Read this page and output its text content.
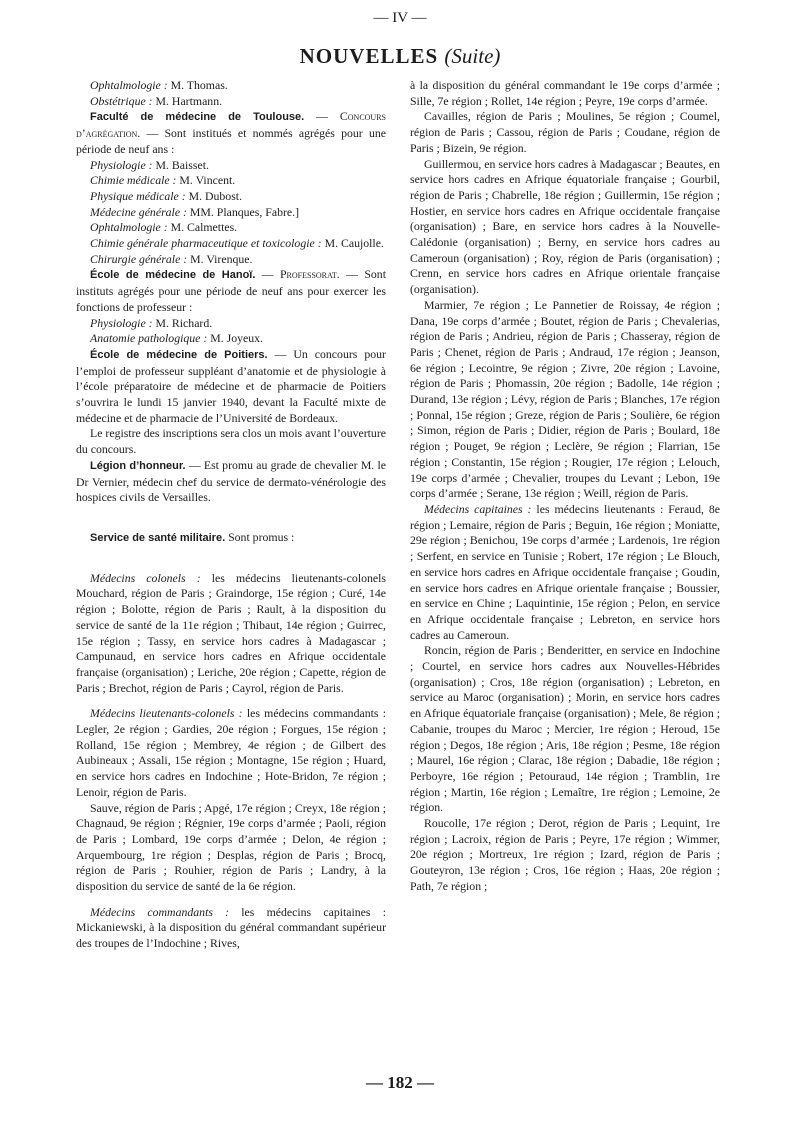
— IV —
NOUVELLES (Suite)

Ophtalmologie : M. Thomas.

Obstétrique : M. Hartmann.

Faculté de médecine de Toulouse. — Concours d’agrégation. — Sont institués et nommés agrégés pour une période de neuf ans :

Physiologie : M. Baisset.

Chimie médicale : M. Vincent.

Physique médicale : M. Dubost.

Médecine générale : MM. Planques, Fabre.]

Ophtalmologie : M. Calmettes.

Chimie générale pharmaceutique et toxicologie : M. Caujolle.

Chirurgie générale : M. Virenque.

École de médecine de Hanoï. — Professorat. — Sont instituts agrégés pour une période de neuf ans pour exercer les fonctions de professeur :

Physiologie : M. Richard.

Anatomie pathologique : M. Joyeux.

École de médecine de Poitiers. — Un concours pour l’emploi de professeur suppléant d’anatomie et de physiologie à l’école préparatoire de médecine et de pharmacie de Poitiers s’ouvrira le lundi 15 janvier 1940, devant la Faculté mixte de médecine et de pharmacie de l’Université de Bordeaux.

Le registre des inscriptions sera clos un mois avant l’ouverture du concours.

Légion d’honneur. — Est promu au grade de chevalier M. le Dr Vernier, médecin chef du service de dermato-vénérologie des hospices civils de Versailles.

Service de santé militaire. Sont promus :

Médecins colonels : les médecins lieutenants-colonels Mouchard, région de Paris ; Graindorge, 15e région ; Curé, 14e région ; Bolotte, région de Paris ; Rault, à la disposition du service de santé de la 11e région ; Thibaut, 14e région ; Guirrec, 15e région ; Tassy, en service hors cadres à Madagascar ; Campunaud, en service hors cadres en Afrique occidentale française (organisation) ; Leriche, 20e région ; Capette, région de Paris ; Brechot, région de Paris ; Cayrol, région de Paris.

Médecins lieutenants-colonels : les médecins commandants : Legler, 2e région ; Gardies, 20e région ; Forgues, 15e région ; Rolland, 15e région ; Membrey, 4e région ; de Gilbert des Aubineaux ; Assali, 15e région ; Montagne, 15e région ; Huard, en service hors cadres en Indochine ; Hote-Bridon, 7e région ; Lenoir, région de Paris.

Sauve, région de Paris ; Apgé, 17e région ; Creyx, 18e région ; Chagnaud, 9e région ; Régnier, 19e corps d’armée ; Paoli, région de Paris ; Lombard, 19e corps d’armée ; Delon, 4e région ; Arquembourg, 1re région ; Desplas, région de Paris ; Brocq, région de Paris ; Rouhier, région de Paris ; Landry, à la disposition du service de santé de la 6e région.

Médecins commandants : les médecins capitaines : Mickaniewski, à la disposition du général commandant supérieur des troupes de l’Indochine ; Rives,

à la disposition du général commandant le 19e corps d’armée ; Sille, 7e région ; Rollet, 14e région ; Peyre, 19e corps d’armée.

Cavailles, région de Paris ; Moulines, 5e région ; Coumel, région de Paris ; Cassou, région de Paris ; Coudane, région de Paris ; Bizein, 9e région.

Guillermou, en service hors cadres à Madagascar ; Beautes, en service hors cadres en Afrique équatoriale française ; Gourbil, région de Paris ; Chabrelle, 18e région ; Guillermin, 15e région ; Hostier, en service hors cadres en Afrique occidentale française (organisation) ; Bare, en service hors cadres à la Nouvelle-Calédonie (organisation) ; Berny, en service hors cadres au Cameroun (organisation) ; Roy, région de Paris (organisation) ; Crenn, en service hors cadres en Afrique orientale française (organisation).

Marmier, 7e région ; Le Pannetier de Roissay, 4e région ; Dana, 19e corps d’armée ; Boutet, région de Paris ; Chevalerias, région de Paris ; Andrieu, région de Paris ; Chasseray, région de Paris ; Chenet, région de Paris ; Andraud, 17e région ; Jeanson, 6e région ; Lecointre, 9e région ; Zivre, 20e région ; Lavoine, région de Paris ; Phomassin, 20e région ; Badolle, 14e région ; Durand, 13e région ; Lévy, région de Paris ; Blanches, 17e région ; Ponnal, 15e région ; Greze, région de Paris ; Soulière, 6e région ; Simon, région de Paris ; Didier, région de Paris ; Boulard, 18e région ; Pouget, 9e région ; Leclère, 9e région ; Flarrian, 15e région ; Constantin, 15e région ; Rougier, 17e région ; Lelouch, 19e corps d’armée ; Chevalier, troupes du Levant ; Lebon, 19e corps d’armée ; Serane, 13e région ; Weill, région de Paris.

Médecins capitaines : les médecins lieutenants : Feraud, 8e région ; Lemaire, région de Paris ; Beguin, 16e région ; Moniatte, 29e région ; Benichou, 19e corps d’armée ; Lardenois, 1re région ; Serfent, en service en Tunisie ; Robert, 17e région ; Le Blouch, en service hors cadres en Afrique occidentale française ; Goudin, en service hors cadres en Afrique orientale française ; Boussier, en service en Chine ; Laquintinie, 15e région ; Pelon, en service en Afrique occidentale française ; Lebreton, en service hors cadres au Cameroun.

Roncin, région de Paris ; Benderitter, en service en Indochine ; Courtel, en service hors cadres aux Nouvelles-Hébrides (organisation) ; Cros, 18e région (organisation) ; Lebreton, en service au Maroc (organisation) ; Morin, en service hors cadres en Afrique équatoriale française (organisation) ; Mele, 8e région ; Cabanie, troupes du Maroc ; Mercier, 1re région ; Heroud, 15e région ; Degos, 18e région ; Aris, 18e région ; Pesme, 18e région ; Maurel, 16e région ; Clarac, 18e région ; Dabadie, 18e région ; Perboyre, 16e région ; Petouraud, 14e région ; Tramblin, 1re région ; Martin, 16e région ; Lemaître, 1re région ; Lemoine, 2e région.

Roucolle, 17e région ; Derot, région de Paris ; Lequint, 1re région ; Lacroix, région de Paris ; Peyre, 17e région ; Wimmer, 20e région ; Mortreux, 1re région ; Izard, région de Paris ; Gouteyron, 13e région ; Cros, 16e région ; Haas, 20e région ; Path, 7e région ;

— 182 —
